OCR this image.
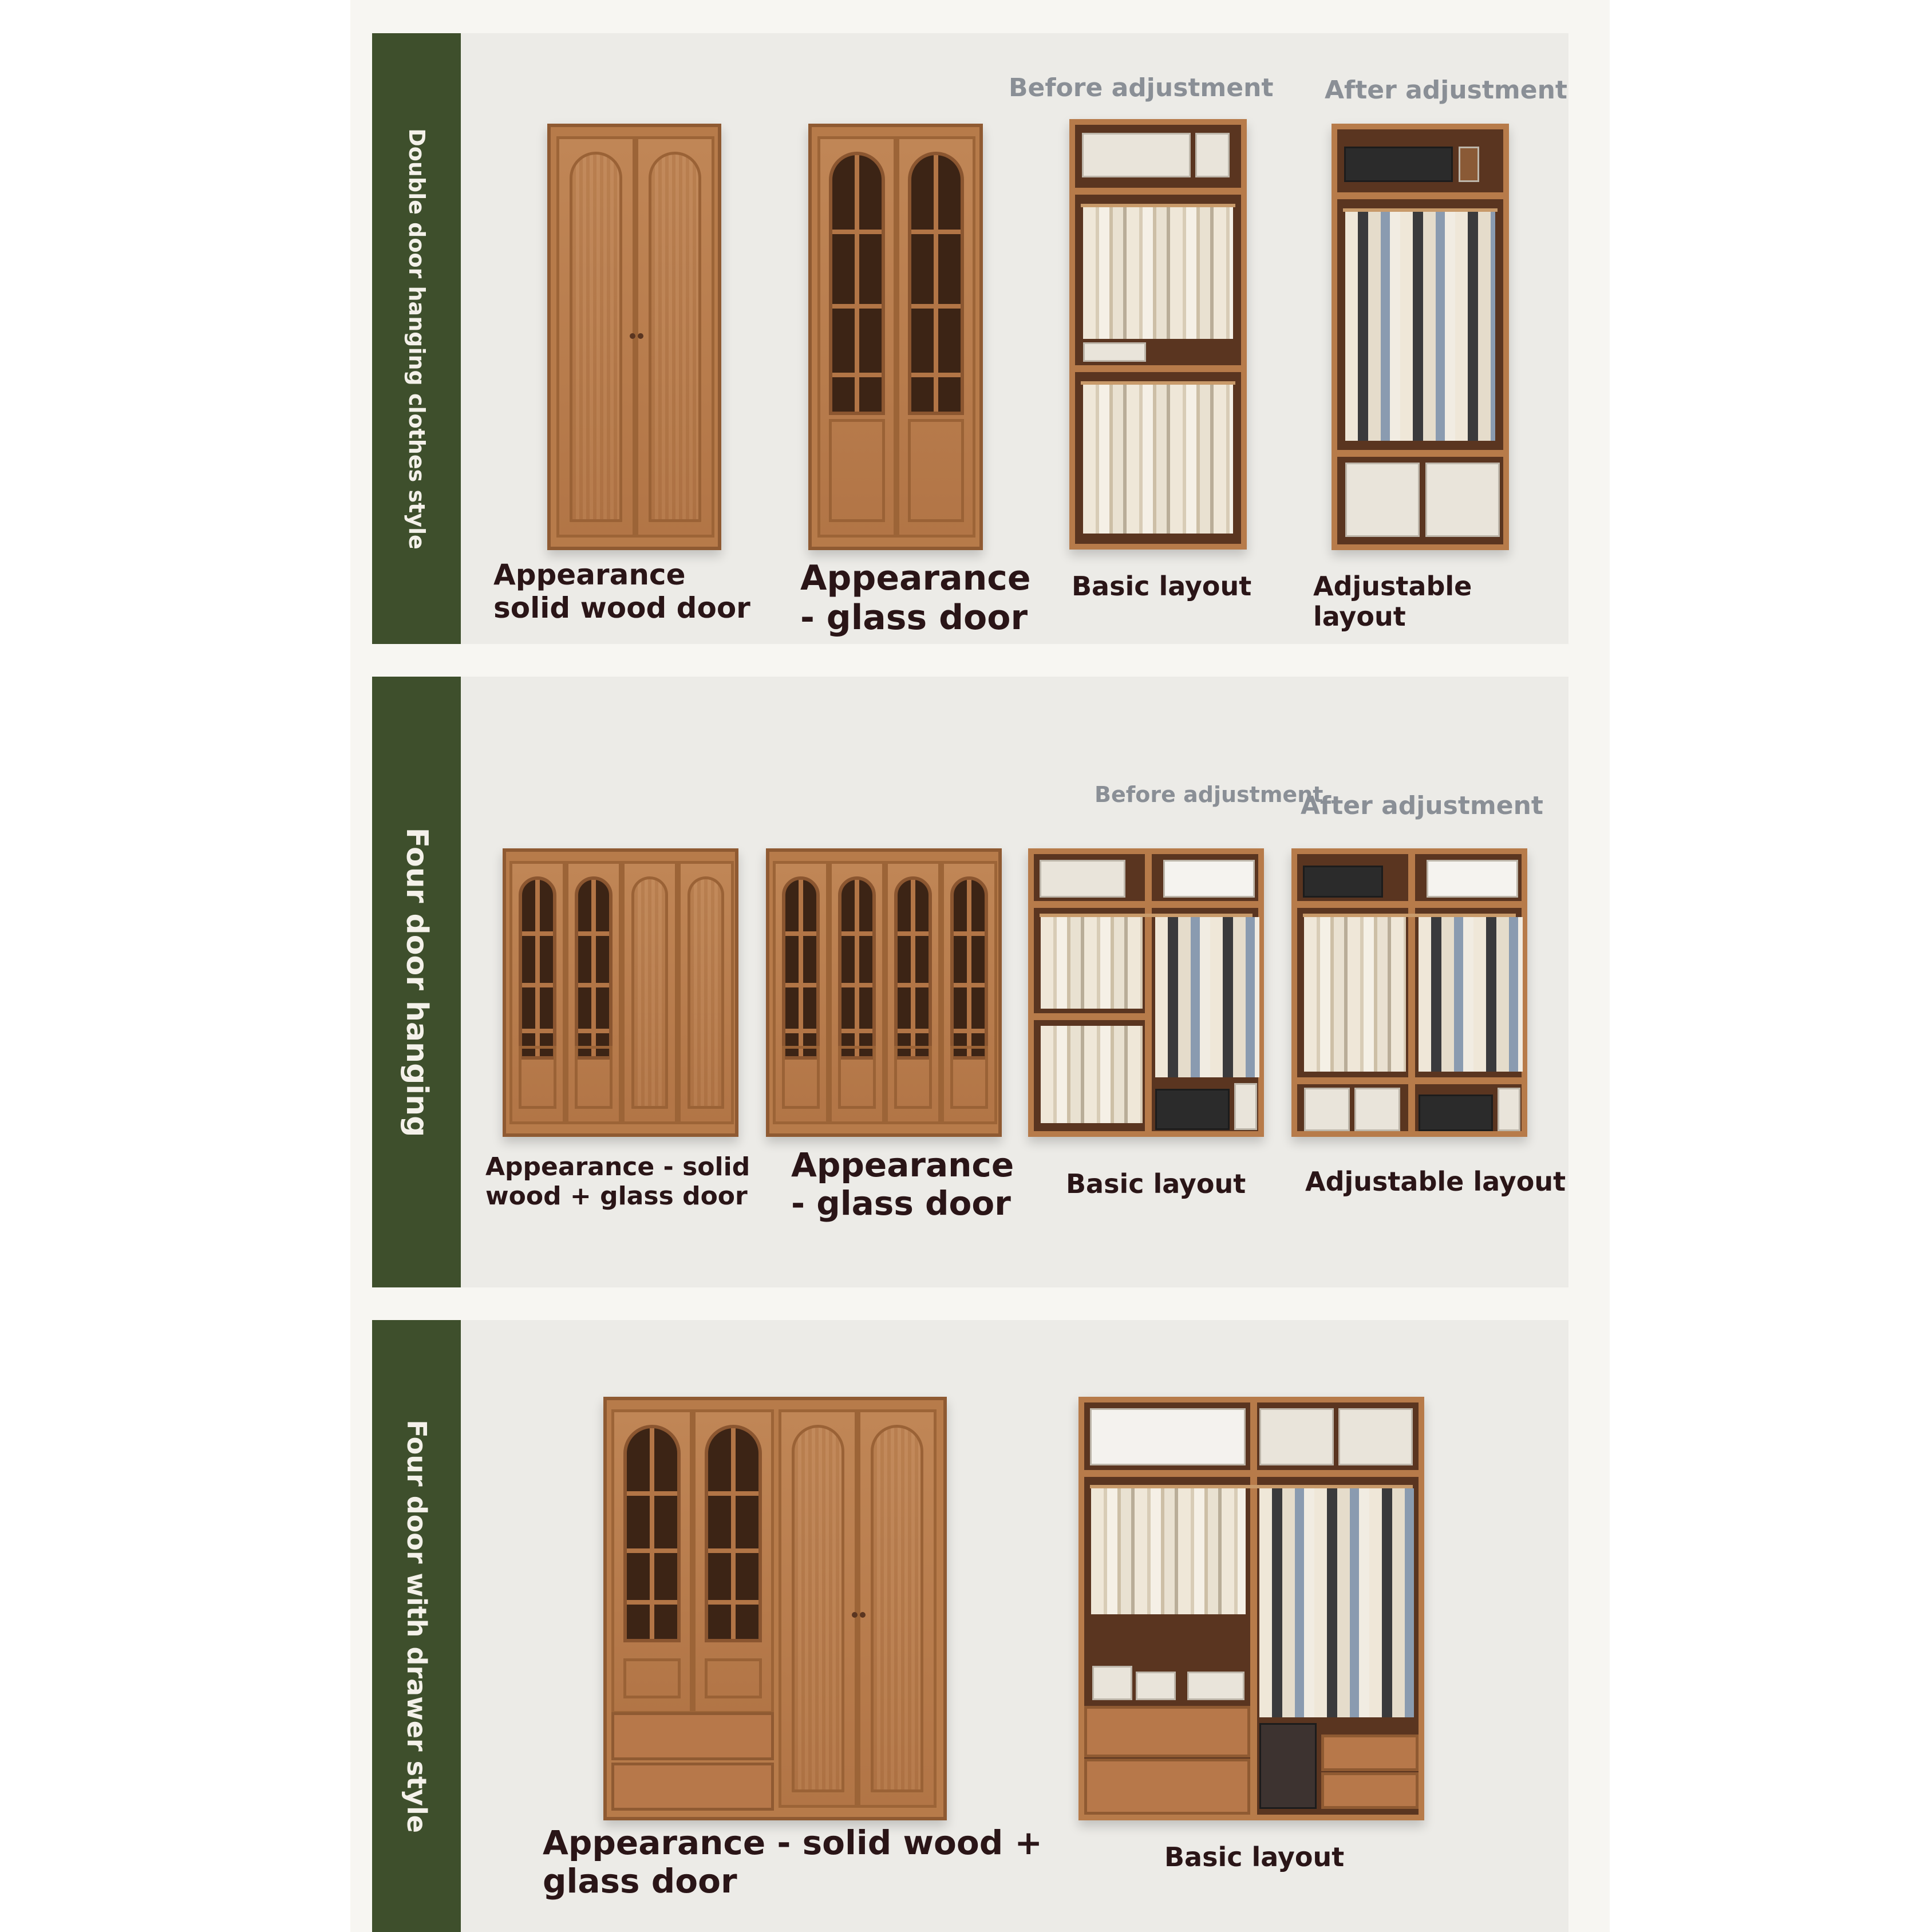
Double door hanging clothes style
Appearance
solid wood door
Appearance
- glass door
Before adjustment
Basic layout
After adjustment
Adjustable layout
Four door hanging
Appearance - solid
wood + glass door
Appearance
- glass door
Before adjustment
Basic layout
After adjustment
Adjustable layout
Four door with drawer style
Appearance - solid wood +
glass door
Basic layout
